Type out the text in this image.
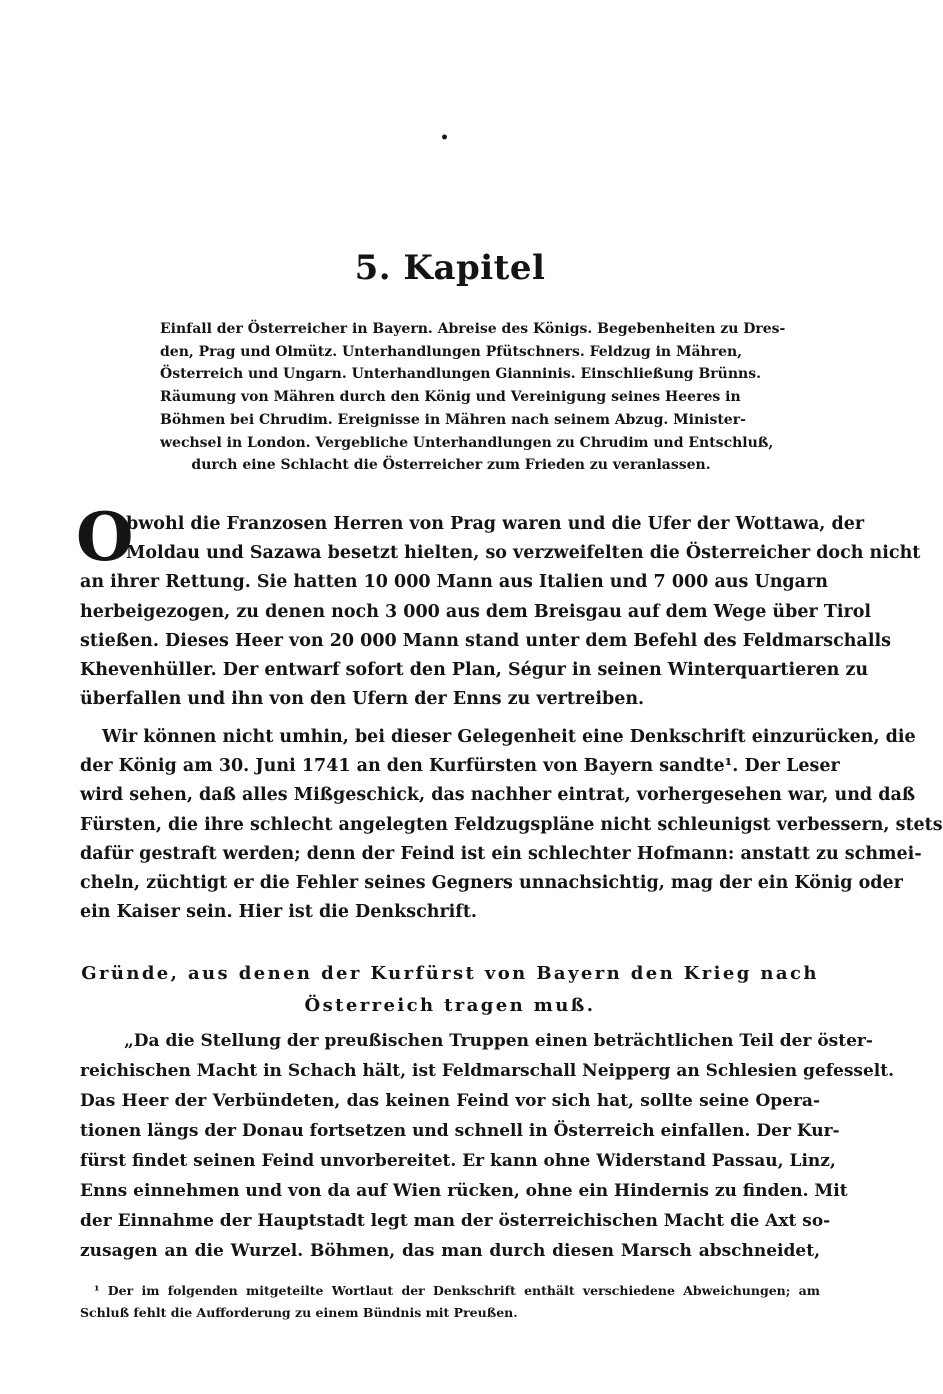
•
5. Kapitel
Einfall der Österreicher in Bayern. Abreise des Königs. Begebenheiten zu Dres-
den, Prag und Olmütz. Unterhandlungen Pfütschners. Feldzug in Mähren,
Österreich und Ungarn. Unterhandlungen Gianninis. Einschließung Brünns.
Räumung von Mähren durch den König und Vereinigung seines Heeres in
Böhmen bei Chrudim. Ereignisse in Mähren nach seinem Abzug. Minister-
wechsel in London. Vergebliche Unterhandlungen zu Chrudim und Entschluß,
durch eine Schlacht die Österreicher zum Frieden zu veranlassen.
O
bwohl die Franzosen Herren von Prag waren und die Ufer der Wottawa, der
Moldau und Sazawa besetzt hielten, so verzweifelten die Österreicher doch nicht
an ihrer Rettung. Sie hatten 10 000 Mann aus Italien und 7 000 aus Ungarn
herbeigezogen, zu denen noch 3 000 aus dem Breisgau auf dem Wege über Tirol
stießen. Dieses Heer von 20 000 Mann stand unter dem Befehl des Feldmarschalls
Khevenhüller. Der entwarf sofort den Plan, Ségur in seinen Winterquartieren zu
überfallen und ihn von den Ufern der Enns zu vertreiben.
Wir können nicht umhin, bei dieser Gelegenheit eine Denkschrift einzurücken, die
der König am 30. Juni 1741 an den Kurfürsten von Bayern sandte¹. Der Leser
wird sehen, daß alles Mißgeschick, das nachher eintrat, vorhergesehen war, und daß
Fürsten, die ihre schlecht angelegten Feldzugspläne nicht schleunigst verbessern, stets
dafür gestraft werden; denn der Feind ist ein schlechter Hofmann: anstatt zu schmei-
cheln, züchtigt er die Fehler seines Gegners unnachsichtig, mag der ein König oder
ein Kaiser sein. Hier ist die Denkschrift.
Gründe, aus denen der Kurfürst von Bayern den Krieg nach
Österreich tragen muß.
„Da die Stellung der preußischen Truppen einen beträchtlichen Teil der öster-
reichischen Macht in Schach hält, ist Feldmarschall Neipperg an Schlesien gefesselt.
Das Heer der Verbündeten, das keinen Feind vor sich hat, sollte seine Opera-
tionen längs der Donau fortsetzen und schnell in Österreich einfallen. Der Kur-
fürst findet seinen Feind unvorbereitet. Er kann ohne Widerstand Passau, Linz,
Enns einnehmen und von da auf Wien rücken, ohne ein Hindernis zu finden. Mit
der Einnahme der Hauptstadt legt man der österreichischen Macht die Axt so-
zusagen an die Wurzel. Böhmen, das man durch diesen Marsch abschneidet,
¹ Der im folgenden mitgeteilte Wortlaut der Denkschrift enthält verschiedene Abweichungen; am
Schluß fehlt die Aufforderung zu einem Bündnis mit Preußen.
